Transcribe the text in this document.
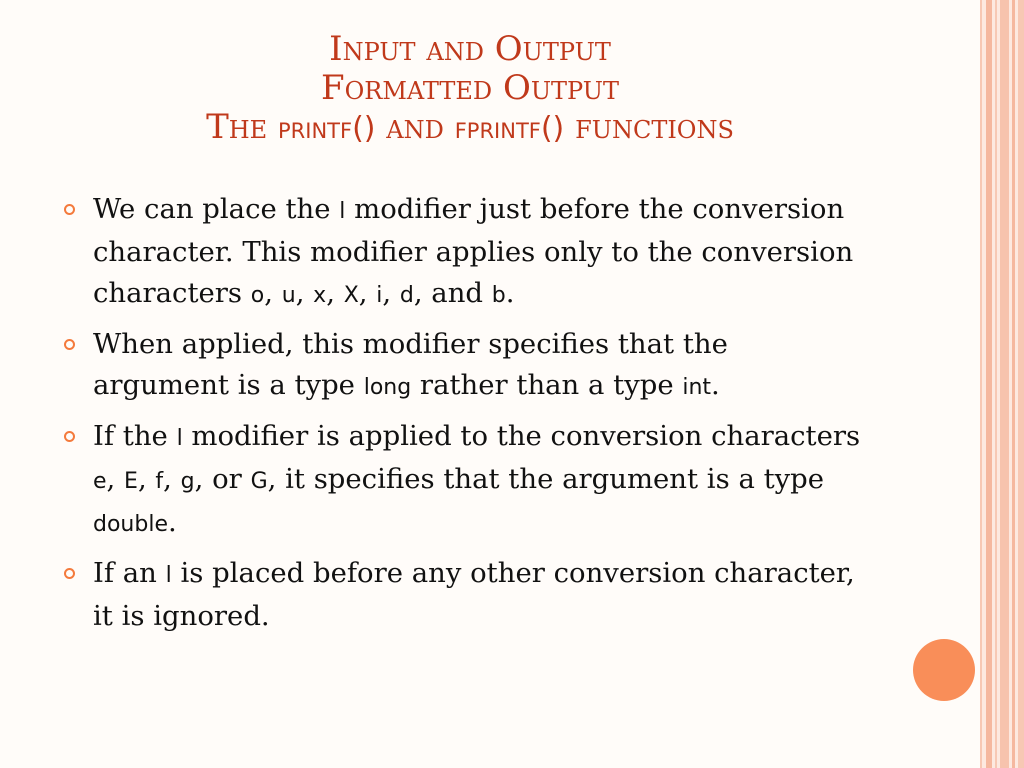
Input and Output
Formatted Output
The printf() and fprintf() functions
We can place the l modifier just before the conversion character. This modifier applies only to the conversion characters o, u, x, X, i, d, and b.
When applied, this modifier specifies that the argument is a type long rather than a type int.
If the l modifier is applied to the conversion characters e, E, f, g, or G, it specifies that the argument is a type double.
If an l is placed before any other conversion character, it is ignored.
